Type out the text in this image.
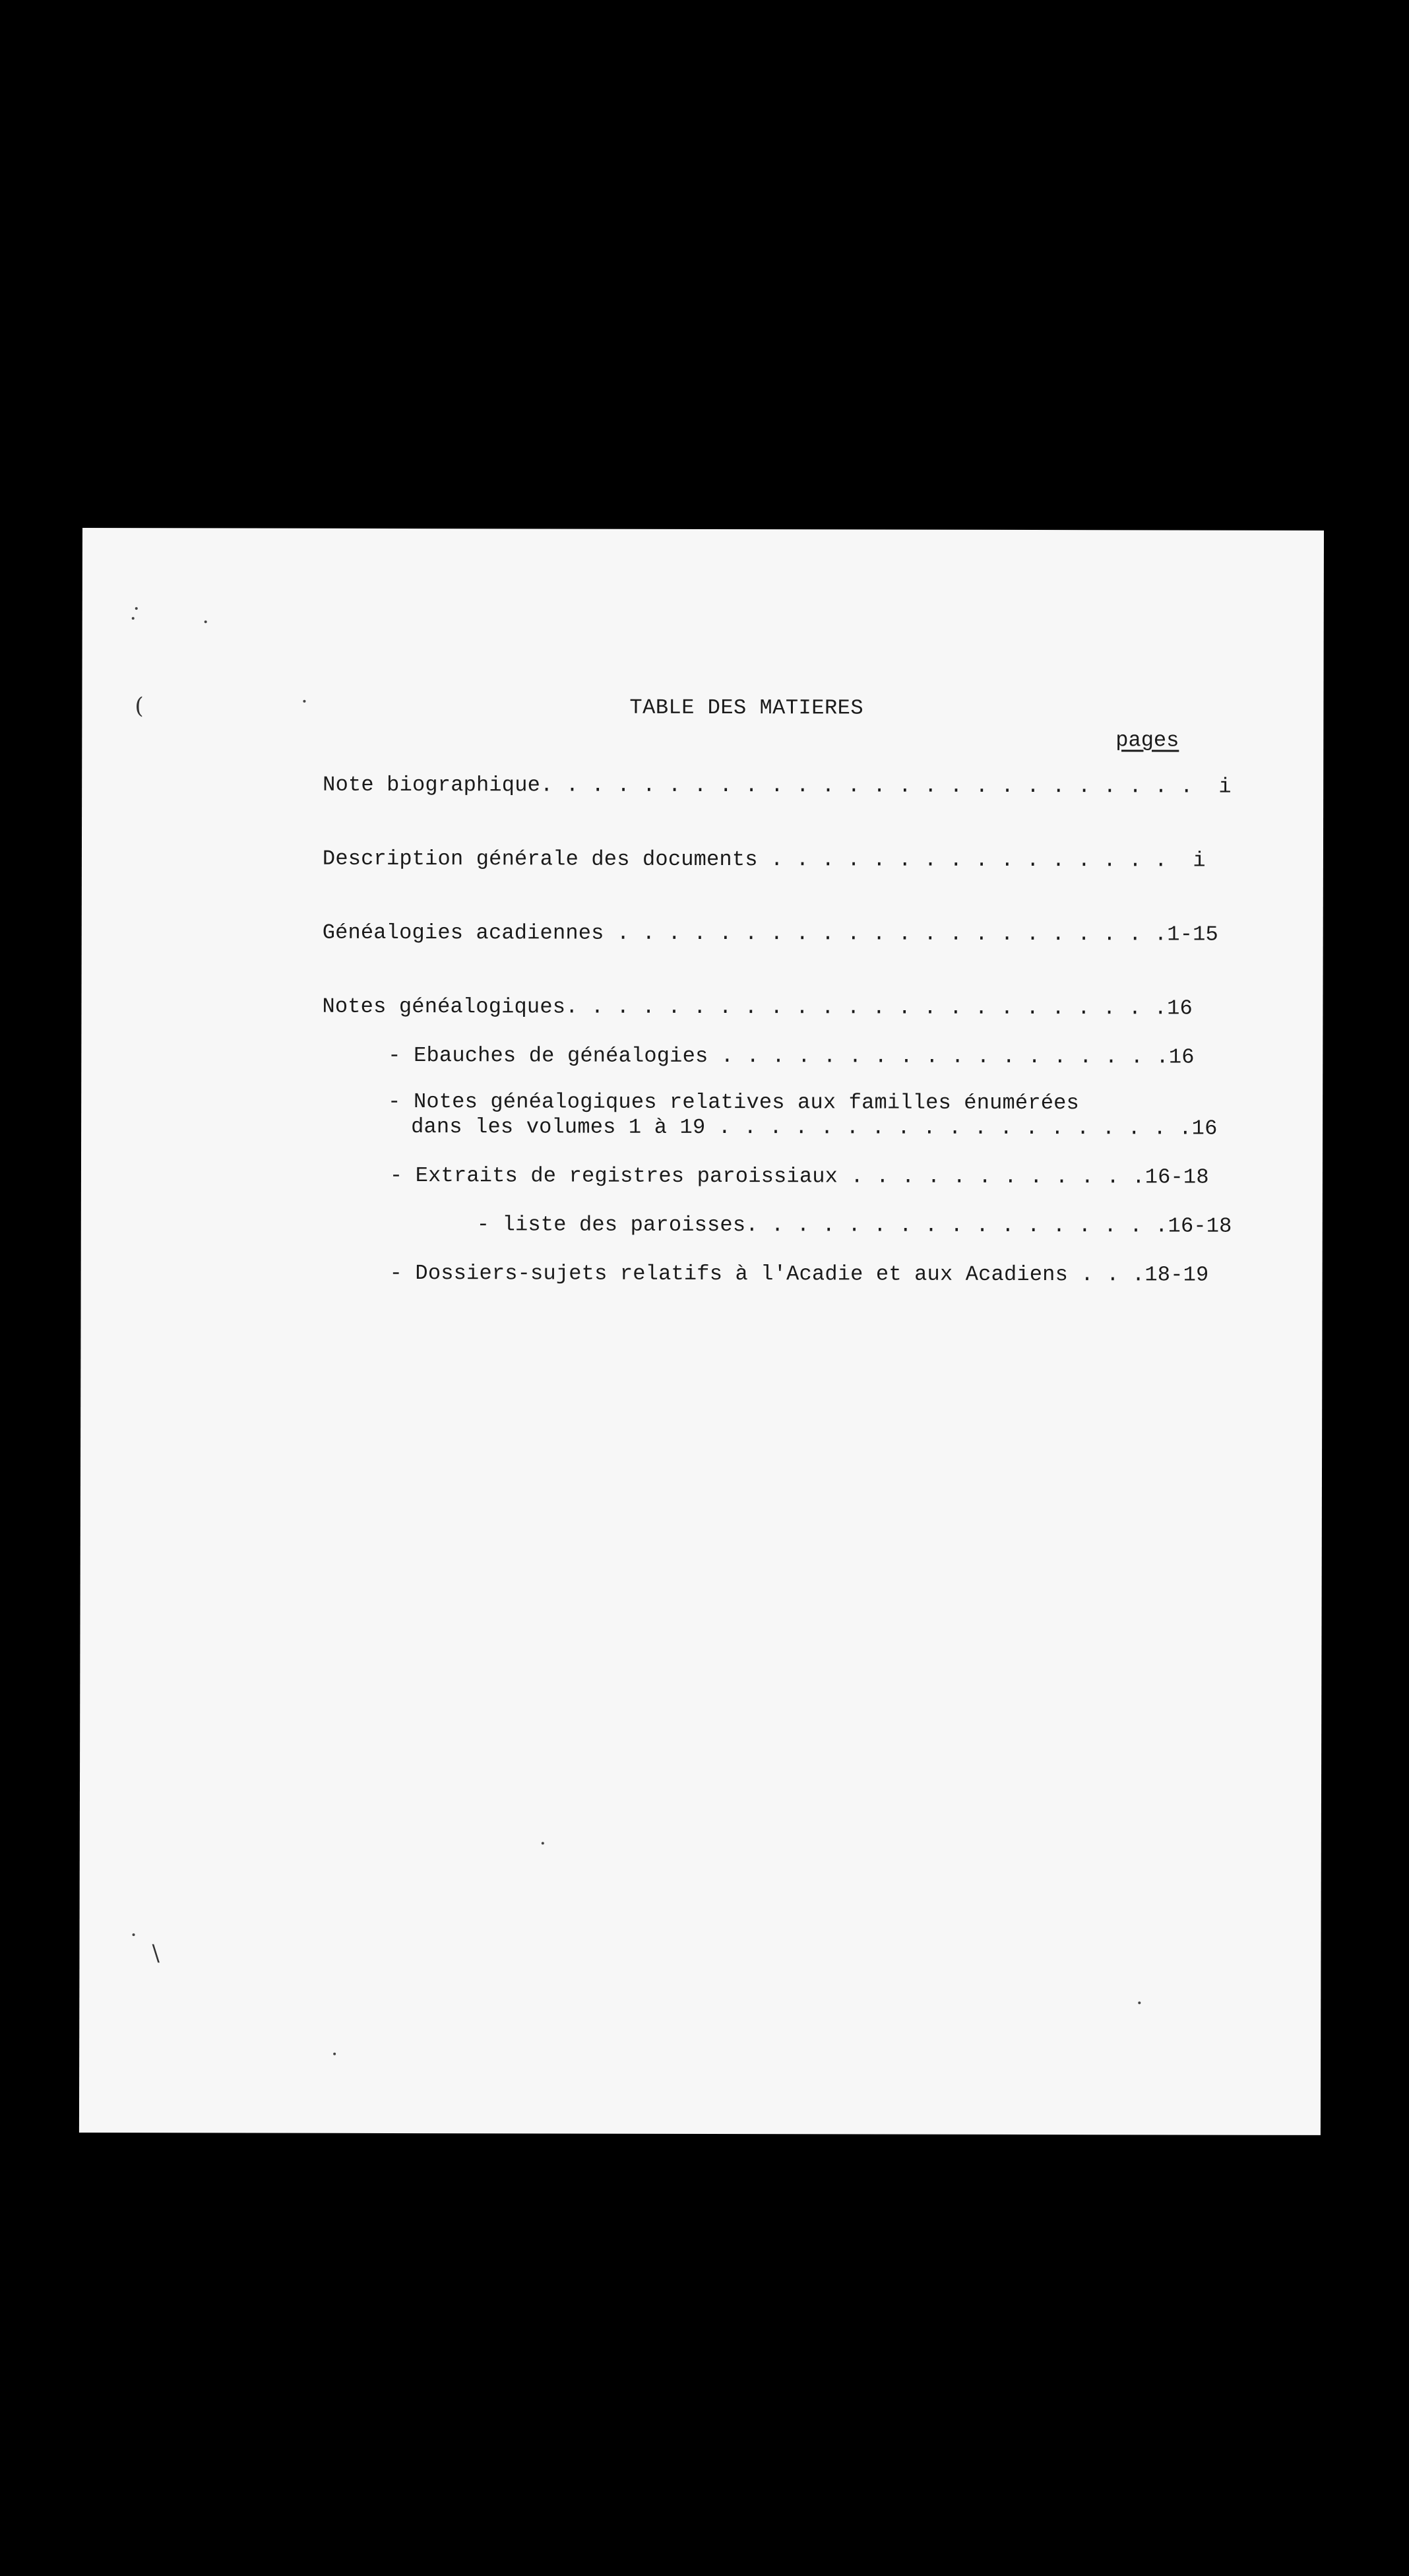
(
\
TABLE DES MATIERES
pages
Note biographique. . . . . . . . . . . . . . . . . . . . . . . . . .  i
Description générale des documents . . . . . . . . . . . . . . . .  i
Généalogies acadiennes . . . . . . . . . . . . . . . . . . . . . .1-15
Notes généalogiques. . . . . . . . . . . . . . . . . . . . . . . .16
- Ebauches de généalogies . . . . . . . . . . . . . . . . . .16
- Notes généalogiques relatives aux familles énumérées
dans les volumes 1 à 19 . . . . . . . . . . . . . . . . . . .16
- Extraits de registres paroissiaux . . . . . . . . . . . .16-18
- liste des paroisses. . . . . . . . . . . . . . . . .16-18
- Dossiers-sujets relatifs à l'Acadie et aux Acadiens . . .18-19
